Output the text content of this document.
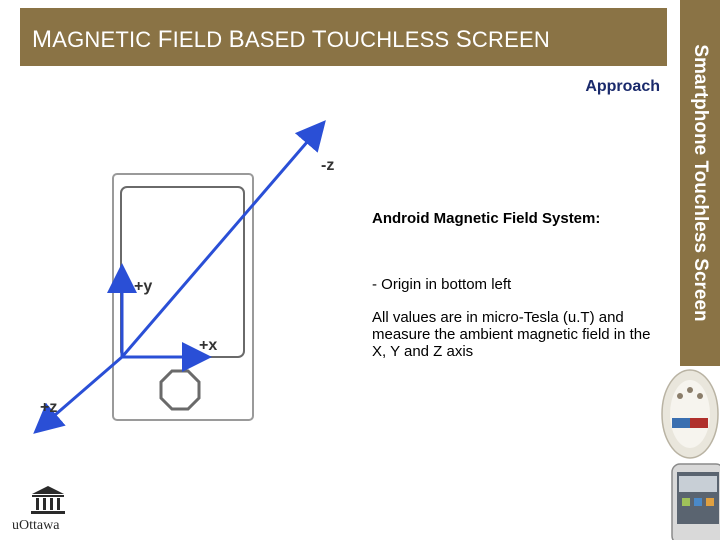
MAGNETIC FIELD BASED TOUCHLESS SCREEN
Smartphone Touchless Screen
Approach
-z
+y
+x
+z

Android Magnetic Field System:

- Origin in bottom left

All values are in micro-Tesla (u.T) and measure the ambient magnetic field in the X, Y and Z axis

uOttawa
